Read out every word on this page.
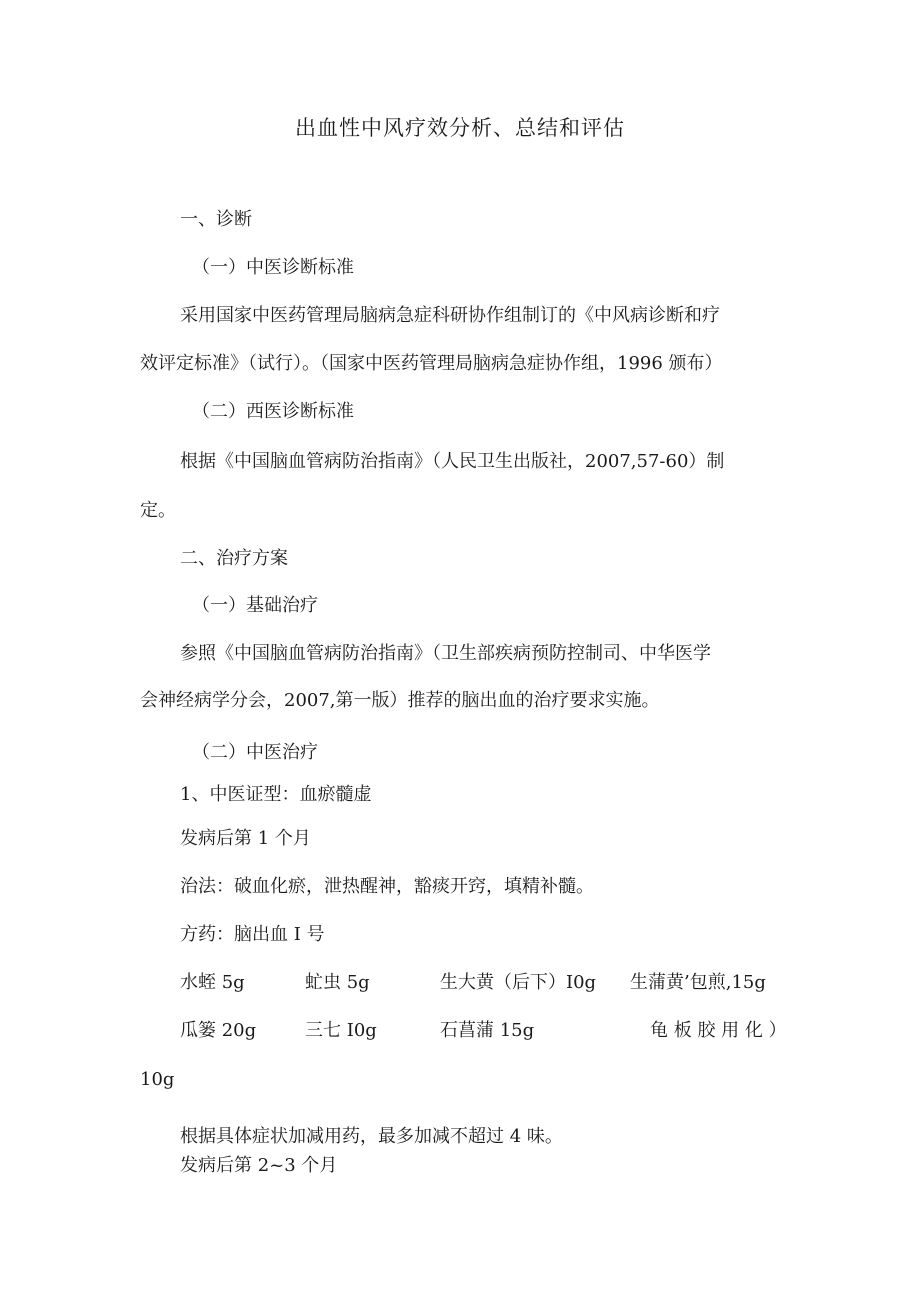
出血性中风疗效分析、总结和评估
一、诊断
（一）中医诊断标准
采用国家中医药管理局脑病急症科研协作组制订的《中风病诊断和疗
效评定标准》（试行）。（国家中医药管理局脑病急症协作组，1996 颁布）
（二）西医诊断标准
根据《中国脑血管病防治指南》（人民卫生出版社，2007,57-60）制
定。
二、治疗方案
（一）基础治疗
参照《中国脑血管病防治指南》（卫生部疾病预防控制司、中华医学
会神经病学分会，2007,第一版）推荐的脑出血的治疗要求实施。
（二）中医治疗
1、中医证型：血瘀髓虚
发病后第 1 个月
治法：破血化瘀，泄热醒神，豁痰开窍，填精补髓。
方药：脑出血 I 号
水蛭 5g	虻虫 5g	生大黄（后下）I0g 生蒲黄’包煎,15g
瓜篓 20g	三七 I0g	石菖蒲 15g	龟 板 胶 用 化 ）
10g
根据具体症状加减用药，最多加减不超过 4 味。
发病后第 2~3 个月
